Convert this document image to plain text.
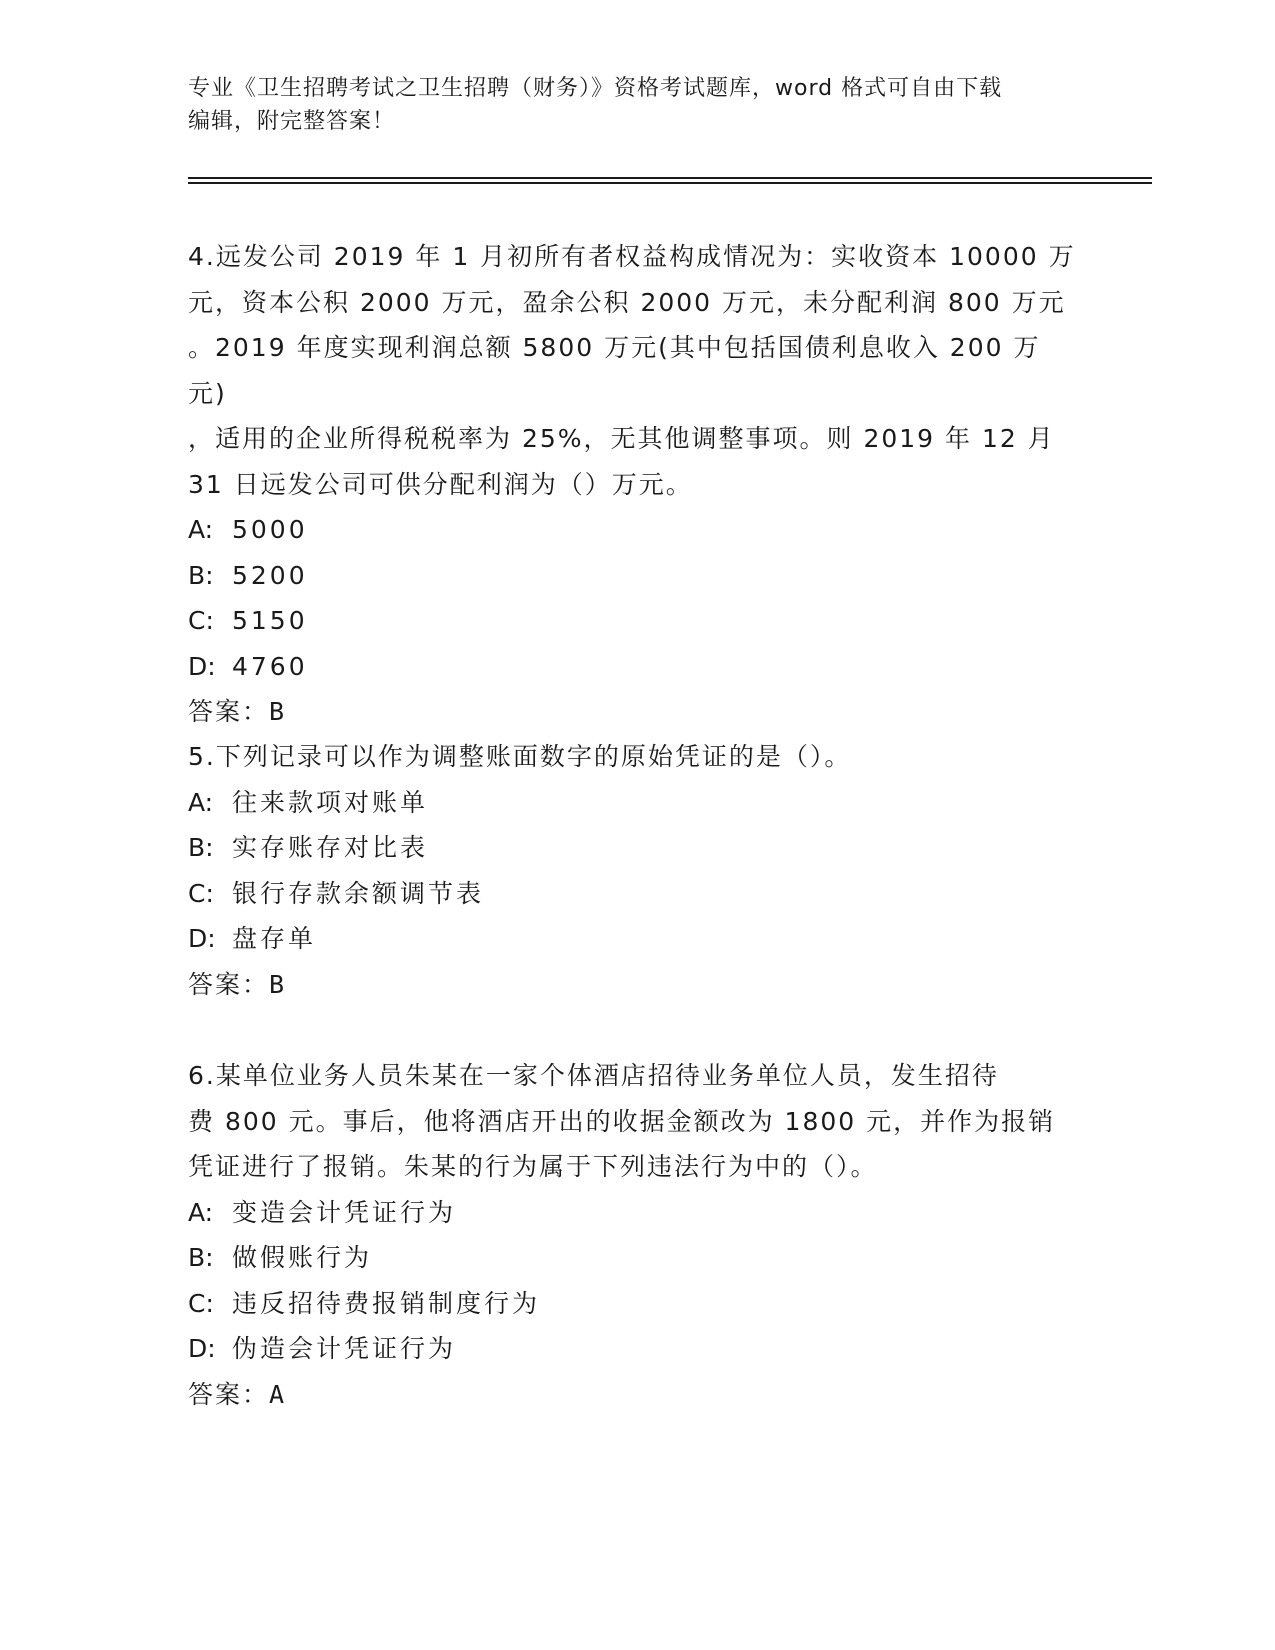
专业《卫生招聘考试之卫生招聘（财务）》资格考试题库，word 格式可自由下载
编辑，附完整答案！

4.远发公司 2019 年 1 月初所有者权益构成情况为：实收资本 10000 万

元，资本公积 2000 万元，盈余公积 2000 万元，未分配利润 800 万元

。2019 年度实现利润总额 5800 万元(其中包括国债利息收入 200 万元)

，适用的企业所得税税率为 25%，无其他调整事项。则 2019 年 12 月

31 日远发公司可供分配利润为（）万元。

A: 5000

B: 5200

C: 5150

D: 4760

答案：B

5.下列记录可以作为调整账面数字的原始凭证的是（）。

A: 往来款项对账单

B: 实存账存对比表

C: 银行存款余额调节表

D: 盘存单

答案：B

6.某单位业务人员朱某在一家个体酒店招待业务单位人员，发生招待

费 800 元。事后，他将酒店开出的收据金额改为 1800 元，并作为报销

凭证进行了报销。朱某的行为属于下列违法行为中的（）。

A: 变造会计凭证行为

B: 做假账行为

C: 违反招待费报销制度行为

D: 伪造会计凭证行为

答案：A
